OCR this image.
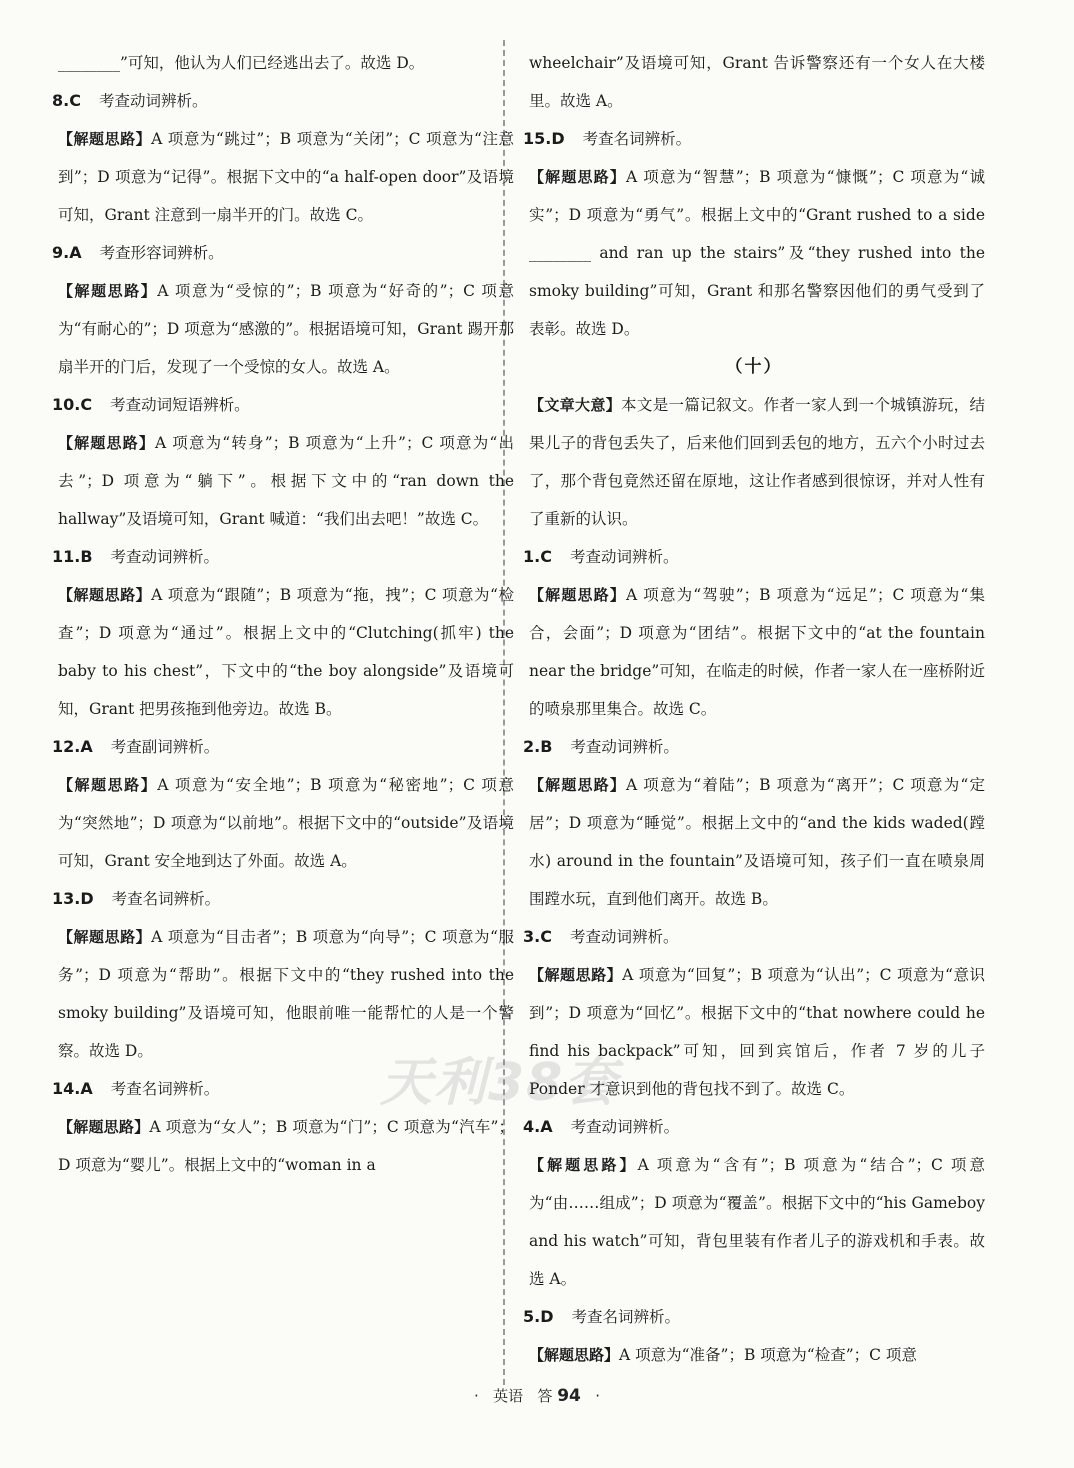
天利38套
________”可知，他认为人们已经逃出去了。故选 D。
8.C 考查动词辨析。
【解题思路】A 项意为“跳过”；B 项意为“关闭”；C 项意为“注意到”；D 项意为“记得”。根据下文中的“a half-open door”及语境可知，Grant 注意到一扇半开的门。故选 C。
9.A 考查形容词辨析。
【解题思路】A 项意为“受惊的”；B 项意为“好奇的”；C 项意为“有耐心的”；D 项意为“感激的”。根据语境可知，Grant 踢开那扇半开的门后，发现了一个受惊的女人。故选 A。
10.C 考查动词短语辨析。
【解题思路】A 项意为“转身”；B 项意为“上升”；C 项意为“出去”；D 项意为“躺下”。根据下文中的“ran down the hallway”及语境可知，Grant 喊道：“我们出去吧！”故选 C。
11.B 考查动词辨析。
【解题思路】A 项意为“跟随”；B 项意为“拖，拽”；C 项意为“检查”；D 项意为“通过”。根据上文中的“Clutching(抓牢) the baby to his chest”，下文中的“the boy alongside”及语境可知，Grant 把男孩拖到他旁边。故选 B。
12.A 考查副词辨析。
【解题思路】A 项意为“安全地”；B 项意为“秘密地”；C 项意为“突然地”；D 项意为“以前地”。根据下文中的“outside”及语境可知，Grant 安全地到达了外面。故选 A。
13.D 考查名词辨析。
【解题思路】A 项意为“目击者”；B 项意为“向导”；C 项意为“服务”；D 项意为“帮助”。根据下文中的“they rushed into the smoky building”及语境可知，他眼前唯一能帮忙的人是一个警察。故选 D。
14.A 考查名词辨析。
【解题思路】A 项意为“女人”；B 项意为“门”；C 项意为“汽车”；D 项意为“婴儿”。根据上文中的“woman in a
wheelchair”及语境可知，Grant 告诉警察还有一个女人在大楼里。故选 A。
15.D 考查名词辨析。
【解题思路】A 项意为“智慧”；B 项意为“慷慨”；C 项意为“诚实”；D 项意为“勇气”。根据上文中的“Grant rushed to a side ________ and ran up the stairs”及“they rushed into the smoky building”可知，Grant 和那名警察因他们的勇气受到了表彰。故选 D。
（十）
【文章大意】本文是一篇记叙文。作者一家人到一个城镇游玩，结果儿子的背包丢失了，后来他们回到丢包的地方，五六个小时过去了，那个背包竟然还留在原地，这让作者感到很惊讶，并对人性有了重新的认识。
1.C 考查动词辨析。
【解题思路】A 项意为“驾驶”；B 项意为“远足”；C 项意为“集合，会面”；D 项意为“团结”。根据下文中的“at the fountain near the bridge”可知，在临走的时候，作者一家人在一座桥附近的喷泉那里集合。故选 C。
2.B 考查动词辨析。
【解题思路】A 项意为“着陆”；B 项意为“离开”；C 项意为“定居”；D 项意为“睡觉”。根据上文中的“and the kids waded(蹚水) around in the fountain”及语境可知，孩子们一直在喷泉周围蹚水玩，直到他们离开。故选 B。
3.C 考查动词辨析。
【解题思路】A 项意为“回复”；B 项意为“认出”；C 项意为“意识到”；D 项意为“回忆”。根据下文中的“that nowhere could he find his backpack”可知，回到宾馆后，作者 7 岁的儿子 Ponder 才意识到他的背包找不到了。故选 C。
4.A 考查动词辨析。
【解题思路】A 项意为“含有”；B 项意为“结合”；C 项意为“由……组成”；D 项意为“覆盖”。根据下文中的“his Gameboy and his watch”可知，背包里装有作者儿子的游戏机和手表。故选 A。
5.D 考查名词辨析。
【解题思路】A 项意为“准备”；B 项意为“检查”；C 项意
· 英语 答 94 ·
